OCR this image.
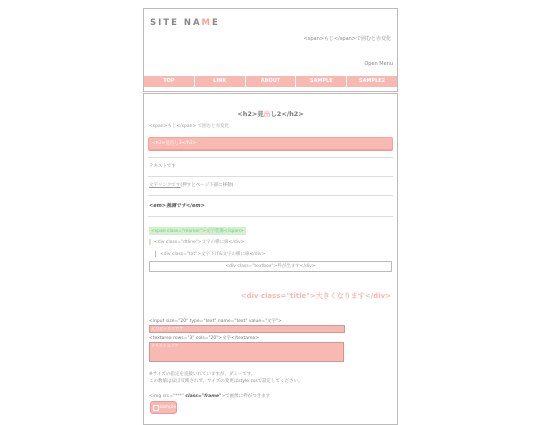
SITE NAME
<span>もじ</span>で囲むと赤変化
Open Menu
TOP	LINK	ABOUT	SAMPLE	SAMPLE2
<h2>見出し2</h2>
<span>もじ</span> で囲むと赤変化
<h3>見出し3</h3>
テキストです
文字リンクです(押すとページ下部に移動)
<em>強調です</em>
<span class="marker">文字装飾</span>
<div class="dtline">文字の横に線</div>
<div class="txt">文字下げ&文字の横に線</div>
<div class="textbox">枠が出ます</div>
<div class="title">大きくなります</div>
<input size="20" type="text" name="text" value="文字">
入力ボックスです
<textarea rows="3" cols="20">文字</textarea>
テキストエリア
※サイズの指定を直接いれていますが、ダミーです。
この数値はほぼ反映されず、サイズの変更はstyle.cssで設定してください。
<img src="***" class="frame">で画像に枠がつきます
sample
